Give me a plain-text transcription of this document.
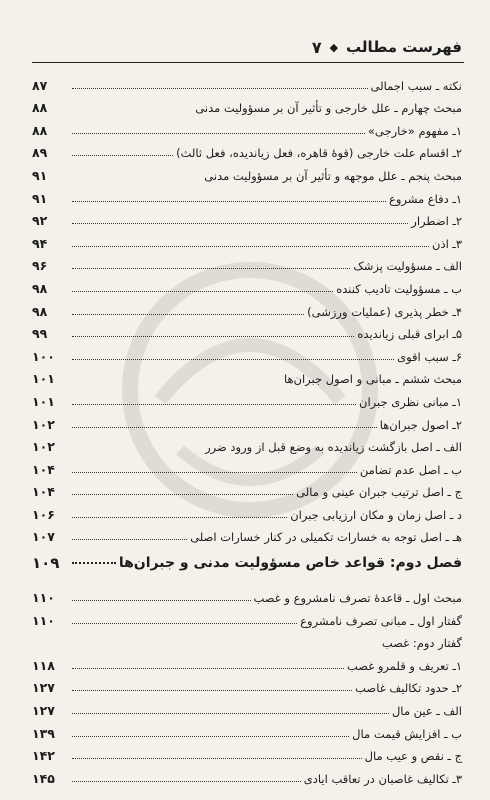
فهرست مطالب
◆
۷
نکته ـ سبب اجمالی
۸۷
مبحث چهارم ـ علل خارجی و تأثیر آن بر مسؤولیت مدنی
۸۸
۱ـ مفهوم «خارجی»
۸۸
۲ـ اقسام علت خارجی (قوهٔ قاهره، فعل زیاندیده، فعل ثالث)
۸۹
مبحث پنجم ـ علل موجهه و تأثیر آن بر مسؤولیت مدنی
۹۱
۱ـ دفاع مشروع
۹۱
۲ـ اضطرار
۹۲
۳ـ اذن
۹۴
الف ـ مسؤولیت پزشک
۹۶
ب ـ مسؤولیت تادیب کننده
۹۸
۴ـ خطر پذیری (عملیات ورزشی)
۹۸
۵ـ ابرای قبلی زیاندیده
۹۹
۶ـ سبب اقوی
۱۰۰
مبحث ششم ـ مبانی و اصول جبران‌ها
۱۰۱
۱ـ مبانی نظری جبران
۱۰۱
۲ـ اصول جبران‌ها
۱۰۲
الف ـ اصل بازگشت زیاندیده به وضع قبل از ورود ضرر
۱۰۲
ب ـ اصل عدم تضامن
۱۰۴
ج ـ اصل ترتیب جبران عینی و مالی
۱۰۴
د ـ اصل زمان و مکان ارزیابی جبران
۱۰۶
هـ ـ اصل توجه به خسارات تکمیلی در کنار خسارات اصلی
۱۰۷
فصل دوم: قواعد خاص مسؤولیت مدنی و جبران‌ها
۱۰۹
مبحث اول ـ قاعدهٔ تصرف نامشروع و غصب
۱۱۰
گفتار اول ـ مبانی تصرف نامشروع
۱۱۰
گفتار دوم: غصب
۱ـ تعریف و قلمرو غصب
۱۱۸
۲ـ حدود تکالیف غاصب
۱۲۷
الف ـ عین مال
۱۲۷
ب ـ افزایش قیمت مال
۱۳۹
ج ـ نقص و عیب مال
۱۴۲
۳ـ تکالیف غاصبان در تعاقب ایادی
۱۴۵
